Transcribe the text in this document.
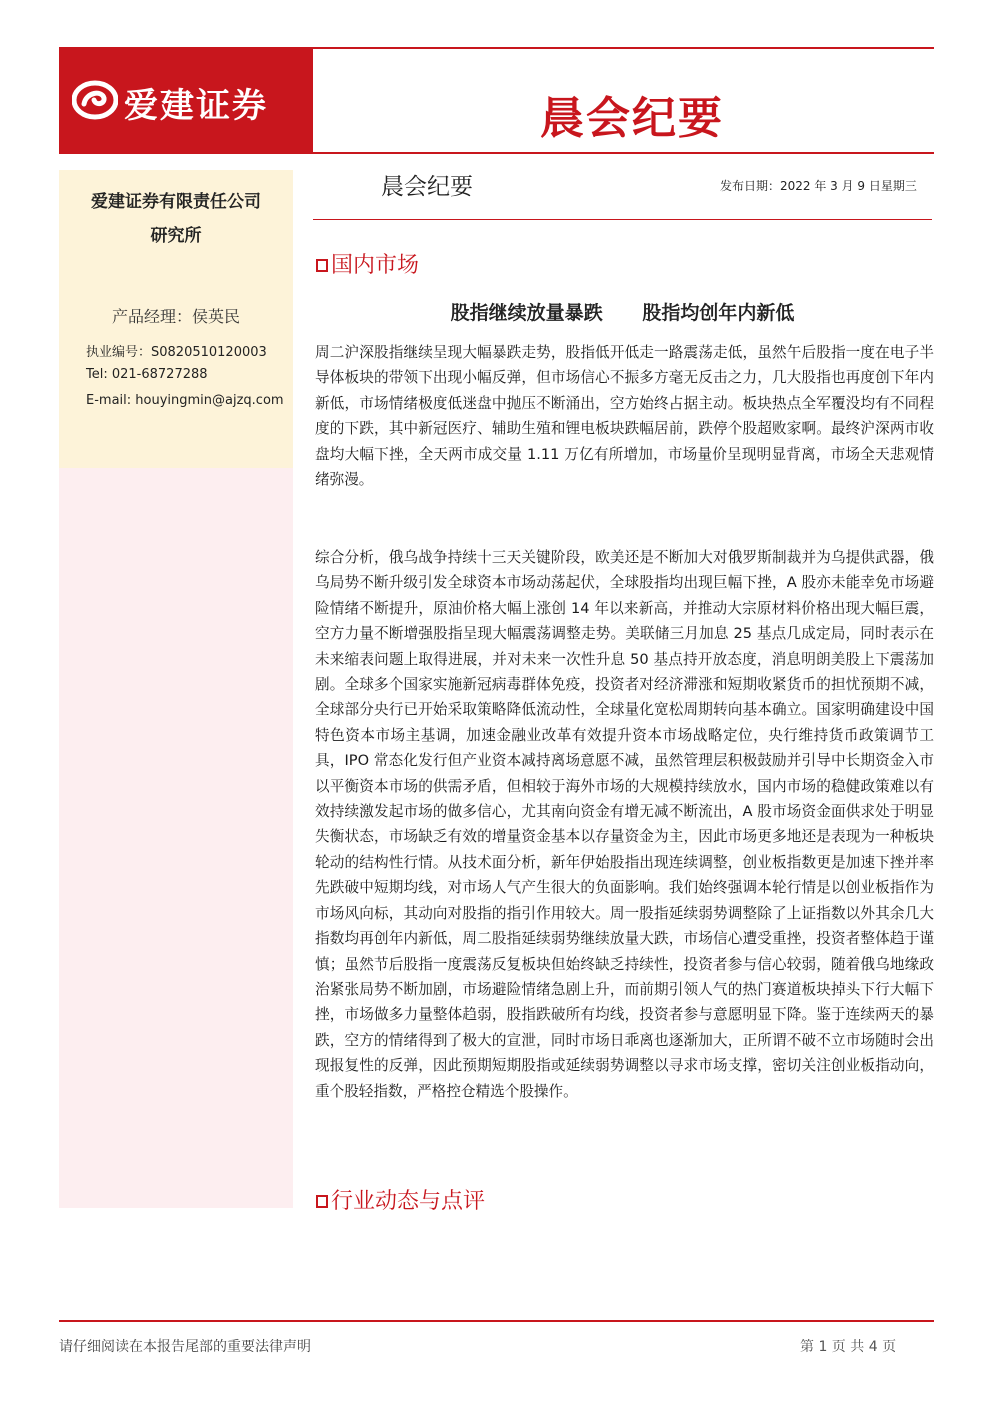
爱建证券	晨会纪要
爱建证券有限责任公司
研究所
产品经理：侯英民
执业编号：S0820510120003
Tel: 021-68727288
E-mail: houyingmin@ajzq.com
晨会纪要	发布日期：2022 年 3 月 9 日星期三
国内市场
股指继续放量暴跌      股指均创年内新低

周二沪深股指继续呈现大幅暴跌走势，股指低开低走一路震荡走低，虽然午后股指一度在电子半导体板块的带领下出现小幅反弹，但市场信心不振多方毫无反击之力，几大股指也再度创下年内新低，市场情绪极度低迷盘中抛压不断涌出，空方始终占据主动。板块热点全军覆没均有不同程度的下跌，其中新冠医疗、辅助生殖和锂电板块跌幅居前，跌停个股超败家啊。最终沪深两市收盘均大幅下挫，全天两市成交量 1.11 万亿有所增加，市场量价呈现明显背离，市场全天悲观情绪弥漫。

综合分析，俄乌战争持续十三天关键阶段，欧美还是不断加大对俄罗斯制裁并为乌提供武器，俄乌局势不断升级引发全球资本市场动荡起伏，全球股指均出现巨幅下挫，A 股亦未能幸免市场避险情绪不断提升，原油价格大幅上涨创 14 年以来新高，并推动大宗原材料价格出现大幅巨震，空方力量不断增强股指呈现大幅震荡调整走势。美联储三月加息 25 基点几成定局，同时表示在未来缩表问题上取得进展，并对未来一次性升息 50 基点持开放态度，消息明朗美股上下震荡加剧。全球多个国家实施新冠病毒群体免疫，投资者对经济滞涨和短期收紧货币的担忧预期不减，全球部分央行已开始采取策略降低流动性，全球量化宽松周期转向基本确立。国家明确建设中国特色资本市场主基调，加速金融业改革有效提升资本市场战略定位，央行维持货币政策调节工具，IPO 常态化发行但产业资本减持离场意愿不减，虽然管理层积极鼓励并引导中长期资金入市以平衡资本市场的供需矛盾，但相较于海外市场的大规模持续放水，国内市场的稳健政策难以有效持续激发起市场的做多信心，尤其南向资金有增无减不断流出，A 股市场资金面供求处于明显失衡状态，市场缺乏有效的增量资金基本以存量资金为主，因此市场更多地还是表现为一种板块轮动的结构性行情。从技术面分析，新年伊始股指出现连续调整，创业板指数更是加速下挫并率先跌破中短期均线，对市场人气产生很大的负面影响。我们始终强调本轮行情是以创业板指作为市场风向标，其动向对股指的指引作用较大。周一股指延续弱势调整除了上证指数以外其余几大指数均再创年内新低，周二股指延续弱势继续放量大跌，市场信心遭受重挫，投资者整体趋于谨慎；虽然节后股指一度震荡反复板块但始终缺乏持续性，投资者参与信心较弱，随着俄乌地缘政治紧张局势不断加剧，市场避险情绪急剧上升，而前期引领人气的热门赛道板块掉头下行大幅下挫，市场做多力量整体趋弱，股指跌破所有均线，投资者参与意愿明显下降。鉴于连续两天的暴跌，空方的情绪得到了极大的宣泄，同时市场日乖离也逐渐加大，正所谓不破不立市场随时会出现报复性的反弹，因此预期短期股指或延续弱势调整以寻求市场支撑，密切关注创业板指动向，重个股轻指数，严格控仓精选个股操作。

行业动态与点评
请仔细阅读在本报告尾部的重要法律声明	第 1 页 共 4 页
